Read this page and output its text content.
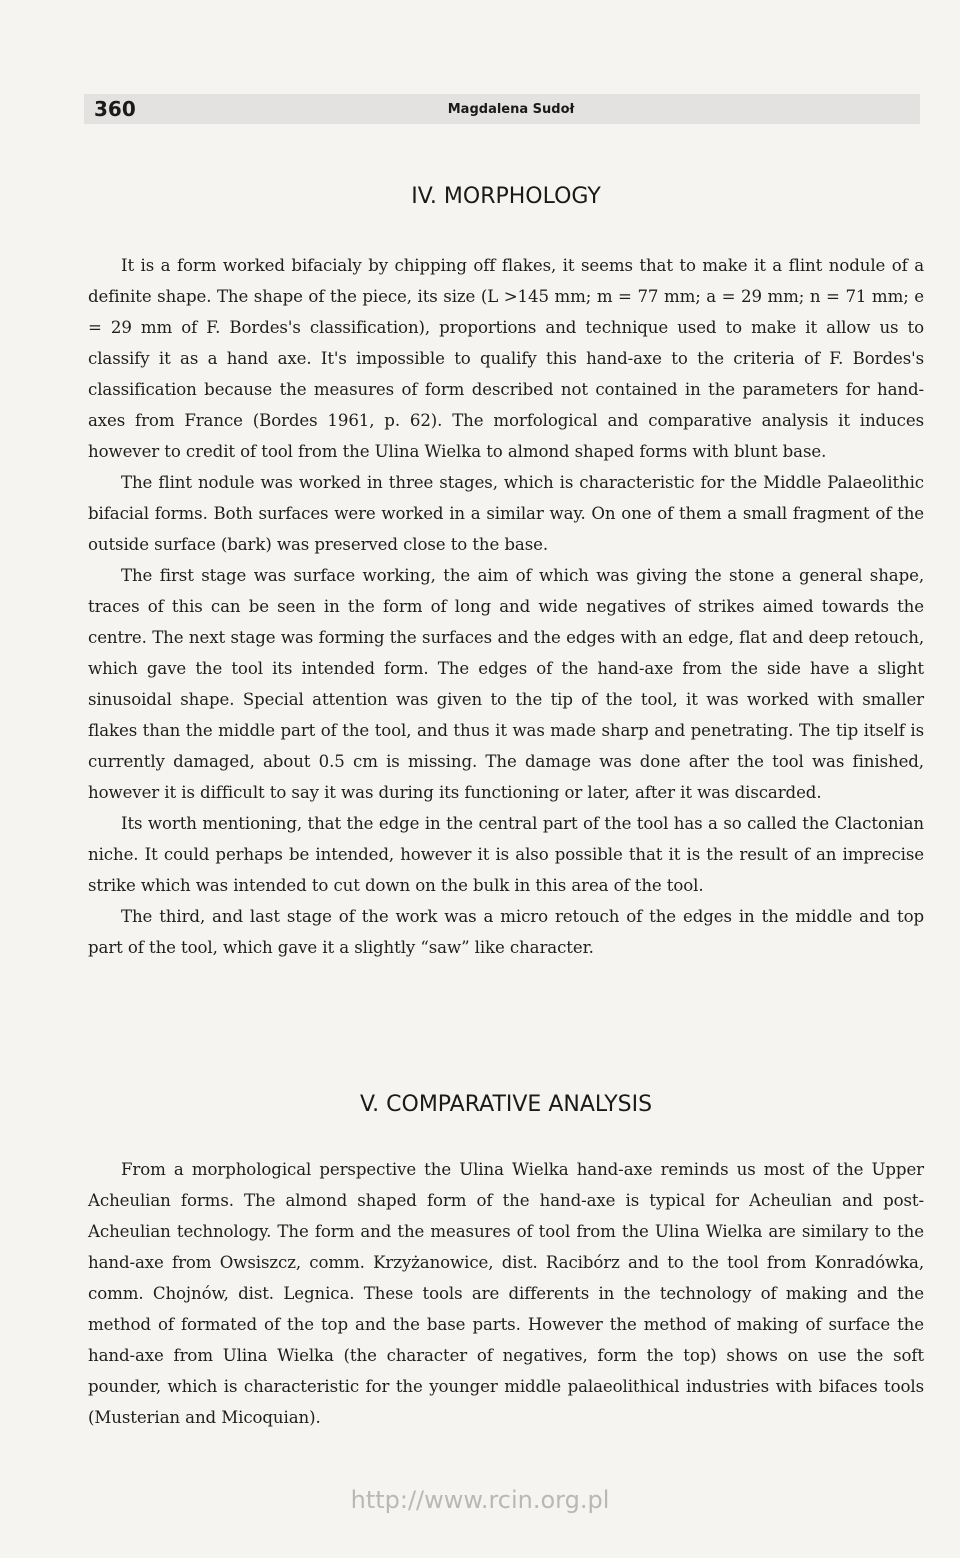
360	Magdalena Sudoł
IV. MORPHOLOGY

It is a form worked bifacialy by chipping off flakes, it seems that to make it a flint nodule of a definite shape. The shape of the piece, its size (L >145 mm; m = 77 mm; a = 29 mm; n = 71 mm; e = 29 mm of F. Bordes's classification), proportions and technique used to make it allow us to classify it as a hand axe. It's impossible to qualify this hand-axe to the criteria of F. Bordes's classification because the measures of form described not contained in the parameters for hand-axes from France (Bordes 1961, p. 62). The morfological and comparative analysis it induces however to credit of tool from the Ulina Wielka to almond shaped forms with blunt base.

The flint nodule was worked in three stages, which is characteristic for the Middle Palaeolithic bifacial forms. Both surfaces were worked in a similar way. On one of them a small fragment of the outside surface (bark) was preserved close to the base.

The first stage was surface working, the aim of which was giving the stone a general shape, traces of this can be seen in the form of long and wide negatives of strikes aimed towards the centre. The next stage was forming the surfaces and the edges with an edge, flat and deep retouch, which gave the tool its intended form. The edges of the hand-axe from the side have a slight sinusoidal shape. Special attention was given to the tip of the tool, it was worked with smaller flakes than the middle part of the tool, and thus it was made sharp and penetrating. The tip itself is currently damaged, about 0.5 cm is missing. The damage was done after the tool was finished, however it is difficult to say it was during its functioning or later, after it was discarded.

Its worth mentioning, that the edge in the central part of the tool has a so called the Clactonian niche. It could perhaps be intended, however it is also possible that it is the result of an imprecise strike which was intended to cut down on the bulk in this area of the tool.

The third, and last stage of the work was a micro retouch of the edges in the middle and top part of the tool, which gave it a slightly “saw” like character.

V. COMPARATIVE ANALYSIS

From a morphological perspective the Ulina Wielka hand-axe reminds us most of the Upper Acheulian forms. The almond shaped form of the hand-axe is typical for Acheulian and post-Acheulian technology. The form and the measures of tool from the Ulina Wielka are similary to the hand-axe from Owsiszcz, comm. Krzyżanowice, dist. Racibórz and to the tool from Konradówka, comm. Chojnów, dist. Legnica. These tools are differents in the technology of making and the method of formated of the top and the base parts. However the method of making of surface the hand-axe from Ulina Wielka (the character of negatives, form the top) shows on use the soft pounder, which is characteristic for the younger middle palaeolithical industries with bifaces tools (Musterian and Micoquian).

http://www.rcin.org.pl
